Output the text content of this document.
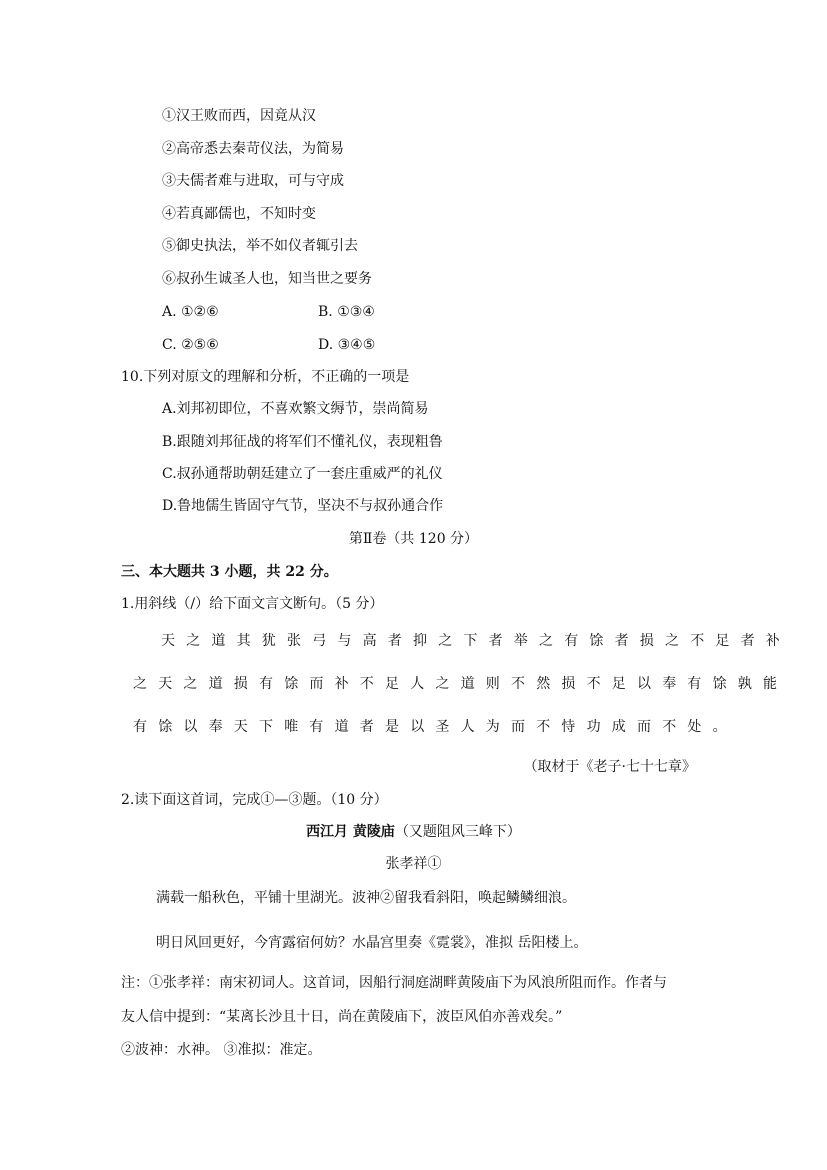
①汉王败而西，因竟从汉
②高帝悉去秦苛仪法，为简易
③夫儒者难与进取，可与守成
④若真鄙儒也，不知时变
⑤御史执法，举不如仪者辄引去
⑥叔孙生诚圣人也，知当世之要务
A. ①②⑥	B. ①③④
C. ②⑤⑥	D. ③④⑤
10.下列对原文的理解和分析，不正确的一项是
A.刘邦初即位，不喜欢繁文缛节，崇尚简易
B.跟随刘邦征战的将军们不懂礼仪，表现粗鲁
C.叔孙通帮助朝廷建立了一套庄重威严的礼仪
D.鲁地儒生皆固守气节，坚决不与叔孙通合作
第Ⅱ卷（共 120 分）
三、本大题共 3 小题，共 22 分。
1.用斜线（/）给下面文言文断句。（5 分）
天之道其犹张弓与高者抑之下者举之有馀者损之不足者补
之天之道损有馀而补不足人之道则不然损不足以奉有馀孰能
有馀以奉天下唯有道者是以圣人为而不恃功成而不处。
（取材于《老子·七十七章》
2.读下面这首词，完成①—③题。（10 分）
西江月 黄陵庙（又题阻风三峰下）
张孝祥①
满载一船秋色，平铺十里湖光。波神②留我看斜阳，唤起鳞鳞细浪。
明日风回更好，今宵露宿何妨？水晶宫里奏《霓裳》，准拟 岳阳楼上。
注：①张孝祥：南宋初词人。这首词，因船行洞庭湖畔黄陵庙下为风浪所阻而作。作者与
友人信中提到：“某离长沙且十日，尚在黄陵庙下，波臣风伯亦善戏矣。”
②波神：水神。 ③准拟：准定。
